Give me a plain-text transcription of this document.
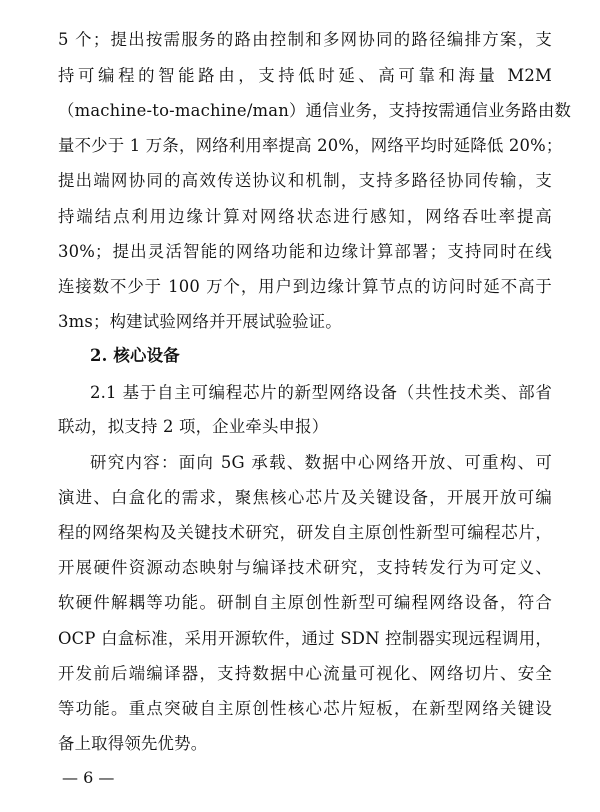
5 个；提出按需服务的路由控制和多网协同的路径编排方案，支
持可编程的智能路由，支持低时延、高可靠和海量 M2M
（machine-to-machine/man）通信业务，支持按需通信业务路由数
量不少于 1 万条，网络利用率提高 20%，网络平均时延降低 20%；
提出端网协同的高效传送协议和机制，支持多路径协同传输，支
持端结点利用边缘计算对网络状态进行感知，网络吞吐率提高
30%；提出灵活智能的网络功能和边缘计算部署；支持同时在线
连接数不少于 100 万个，用户到边缘计算节点的访问时延不高于
3ms；构建试验网络并开展试验验证。
2. 核心设备
2.1 基于自主可编程芯片的新型网络设备（共性技术类、部省
联动，拟支持 2 项，企业牵头申报）
研究内容：面向 5G 承载、数据中心网络开放、可重构、可
演进、白盒化的需求，聚焦核心芯片及关键设备，开展开放可编
程的网络架构及关键技术研究，研发自主原创性新型可编程芯片，
开展硬件资源动态映射与编译技术研究，支持转发行为可定义、
软硬件解耦等功能。研制自主原创性新型可编程网络设备，符合
OCP 白盒标准，采用开源软件，通过 SDN 控制器实现远程调用，
开发前后端编译器，支持数据中心流量可视化、网络切片、安全
等功能。重点突破自主原创性核心芯片短板，在新型网络关键设
备上取得领先优势。
— 6 —
